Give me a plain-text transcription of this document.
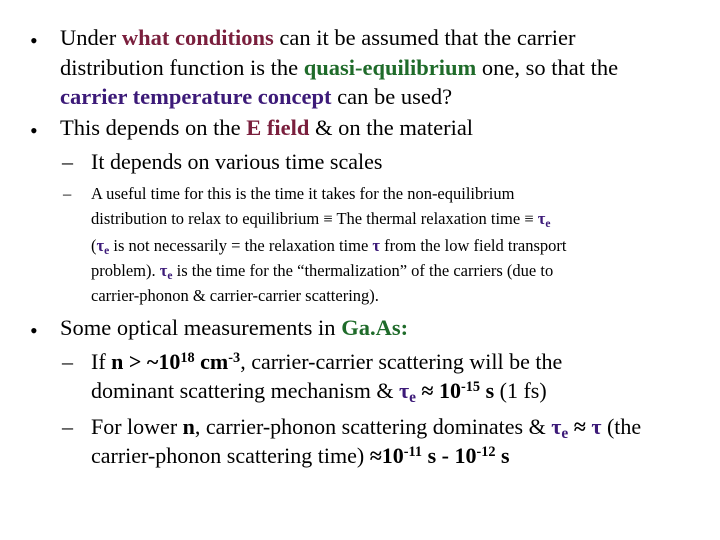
• Under what conditions can it be assumed that the carrier
distribution function is the quasi-equilibrium one, so that the
carrier temperature concept can be used?
• This depends on the E field & on the material
– It depends on various time scales
– A useful time for this is the time it takes for the non-equilibrium
distribution to relax to equilibrium ≡ The thermal relaxation time ≡ $\tau_e$
($\tau_e$ is not necessarily = the relaxation time τ from the low field transport
problem). $\tau_e$ is the time for the “thermalization” of the carriers (due to
carrier-phonon & carrier-carrier scattering).
• Some optical measurements in Ga.As:
– If $n > \sim 10^{18}$ $cm^{-3}$, carrier-carrier scattering will be the
dominant scattering mechanism & $\tau_e \approx 10^{-15}$ s (1 fs)
– For lower n, carrier-phonon scattering dominates & $\tau_e \approx \tau$ (the
carrier-phonon scattering time) $\approx 10^{-11}$ s - $10^{-12}$ s
